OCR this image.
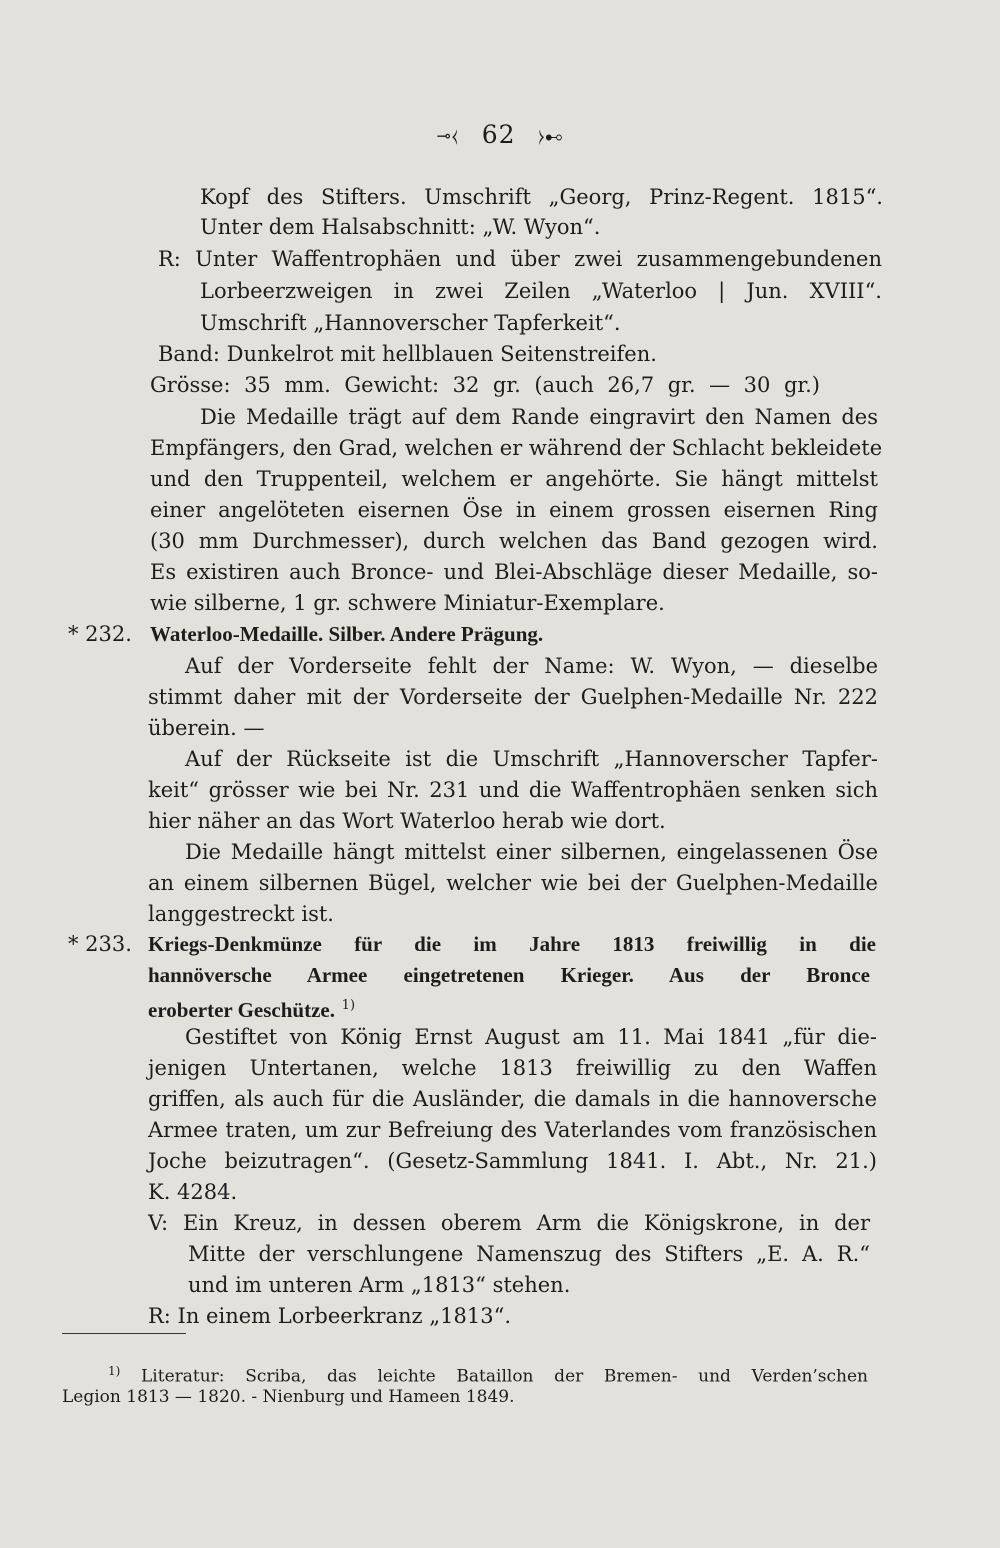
⊸⧼ 62 ⧽⊷
Kopf des Stifters. Umschrift „Georg, Prinz-Regent. 1815“.
Unter dem Halsabschnitt: „W. Wyon“.
R: Unter Waffentrophäen und über zwei zusammengebundenen
Lorbeerzweigen in zwei Zeilen „Waterloo | Jun. XVIII“.
Umschrift „Hannoverscher Tapferkeit“.
Band: Dunkelrot mit hellblauen Seitenstreifen.
Grösse: 35 mm. Gewicht: 32 gr. (auch 26,7 gr. — 30 gr.)
Die Medaille trägt auf dem Rande eingravirt den Namen des
Empfängers, den Grad, welchen er während der Schlacht bekleidete
und den Truppenteil, welchem er angehörte. Sie hängt mittelst
einer angelöteten eisernen Öse in einem grossen eisernen Ring
(30 mm Durchmesser), durch welchen das Band gezogen wird.
Es existiren auch Bronce- und Blei-Abschläge dieser Medaille, so-
wie silberne, 1 gr. schwere Miniatur-Exemplare.
* 232. Waterloo-Medaille. Silber. Andere Prägung.
Auf der Vorderseite fehlt der Name: W. Wyon, — dieselbe
stimmt daher mit der Vorderseite der Guelphen-Medaille Nr. 222
überein. —
Auf der Rückseite ist die Umschrift „Hannoverscher Tapfer-
keit“ grösser wie bei Nr. 231 und die Waffentrophäen senken sich
hier näher an das Wort Waterloo herab wie dort.
Die Medaille hängt mittelst einer silbernen, eingelassenen Öse
an einem silbernen Bügel, welcher wie bei der Guelphen-Medaille
langgestreckt ist.
* 233. Kriegs-Denkmünze für die im Jahre 1813 freiwillig in die
hannöversche Armee eingetretenen Krieger. Aus der Bronce
eroberter Geschütze. $^{1)}$
Gestiftet von König Ernst August am 11. Mai 1841 „für die-
jenigen Untertanen, welche 1813 freiwillig zu den Waffen
griffen, als auch für die Ausländer, die damals in die hannoversche
Armee traten, um zur Befreiung des Vaterlandes vom französischen
Joche beizutragen“. (Gesetz-Sammlung 1841. I. Abt., Nr. 21.)
K. 4284.
V: Ein Kreuz, in dessen oberem Arm die Königskrone, in der
Mitte der verschlungene Namenszug des Stifters „E. A. R.“
und im unteren Arm „1813“ stehen.
R: In einem Lorbeerkranz „1813“.
$^{1)}$ Literatur: Scriba, das leichte Bataillon der Bremen- und Verden’schen
Legion 1813 — 1820. - Nienburg und Hameen 1849.
